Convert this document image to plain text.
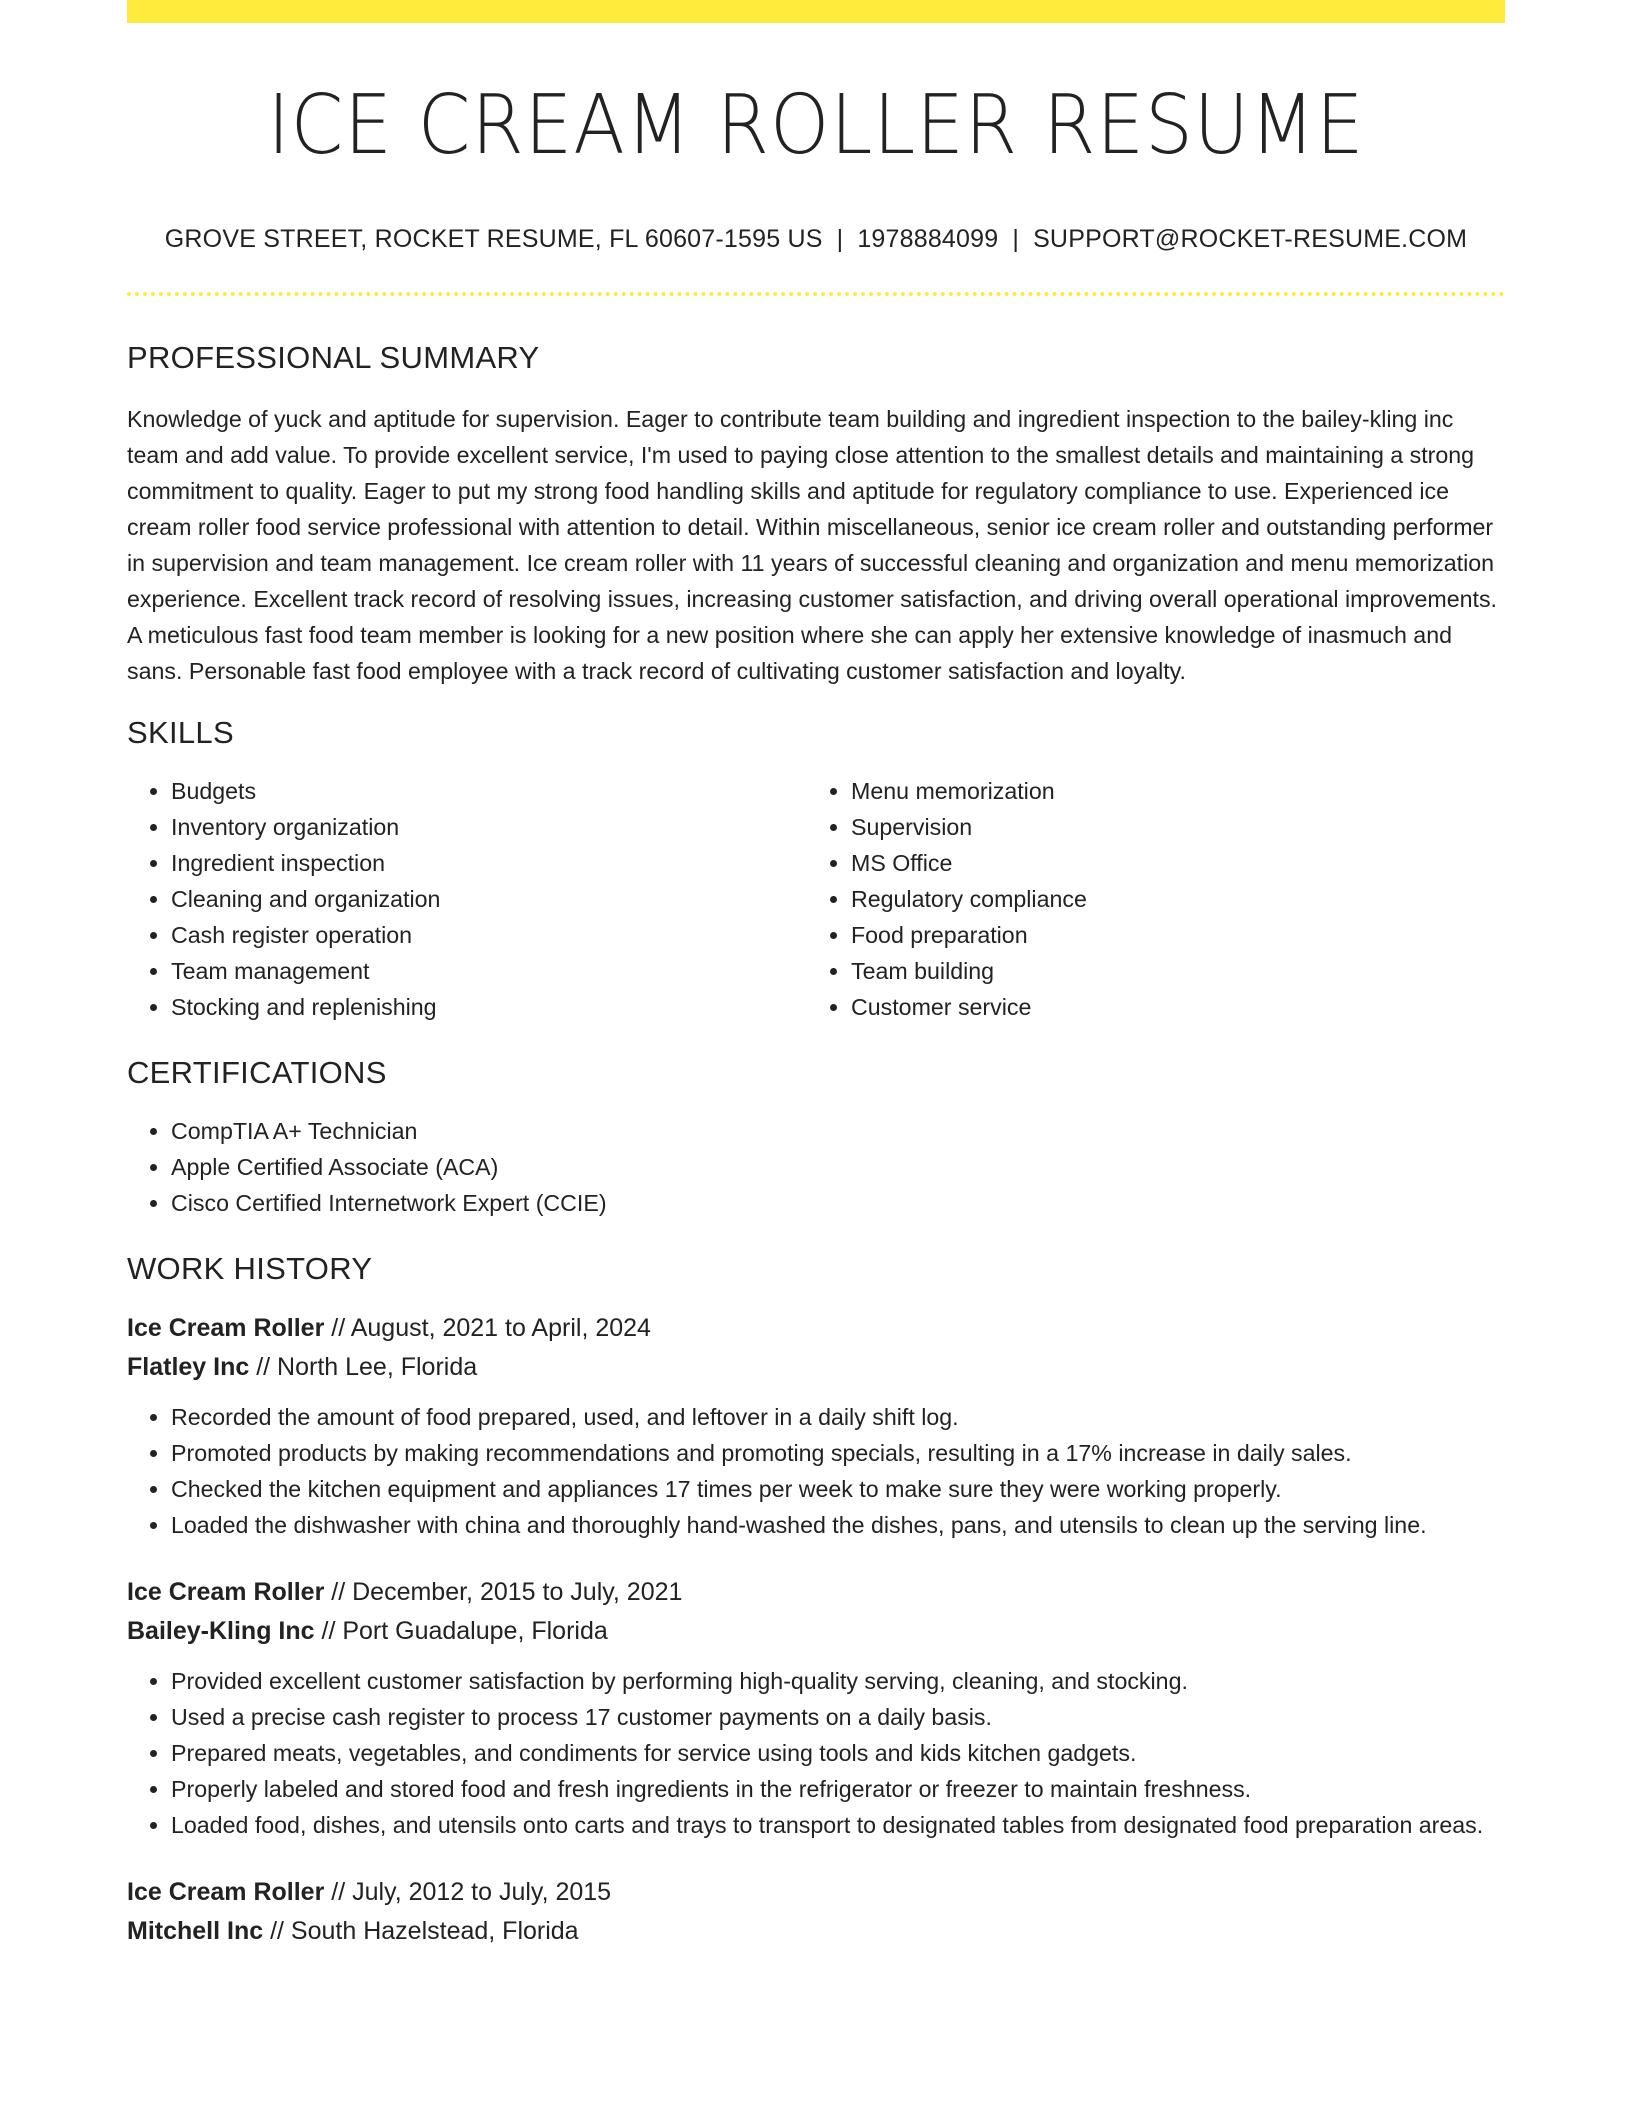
ICE CREAM ROLLER RESUME
GROVE STREET, ROCKET RESUME, FL 60607-1595 US | 1978884099 | SUPPORT@ROCKET-RESUME.COM
PROFESSIONAL SUMMARY
Knowledge of yuck and aptitude for supervision. Eager to contribute team building and ingredient inspection to the bailey-kling inc team and add value. To provide excellent service, I'm used to paying close attention to the smallest details and maintaining a strong commitment to quality. Eager to put my strong food handling skills and aptitude for regulatory compliance to use. Experienced ice cream roller food service professional with attention to detail. Within miscellaneous, senior ice cream roller and outstanding performer in supervision and team management. Ice cream roller with 11 years of successful cleaning and organization and menu memorization experience. Excellent track record of resolving issues, increasing customer satisfaction, and driving overall operational improvements. A meticulous fast food team member is looking for a new position where she can apply her extensive knowledge of inasmuch and sans. Personable fast food employee with a track record of cultivating customer satisfaction and loyalty.
SKILLS
• Budgets
• Inventory organization
• Ingredient inspection
• Cleaning and organization
• Cash register operation
• Team management
• Stocking and replenishing
• Menu memorization
• Supervision
• MS Office
• Regulatory compliance
• Food preparation
• Team building
• Customer service
CERTIFICATIONS
• CompTIA A+ Technician
• Apple Certified Associate (ACA)
• Cisco Certified Internetwork Expert (CCIE)
WORK HISTORY
Ice Cream Roller // August, 2021 to April, 2024
Flatley Inc // North Lee, Florida
• Recorded the amount of food prepared, used, and leftover in a daily shift log.
• Promoted products by making recommendations and promoting specials, resulting in a 17% increase in daily sales.
• Checked the kitchen equipment and appliances 17 times per week to make sure they were working properly.
• Loaded the dishwasher with china and thoroughly hand-washed the dishes, pans, and utensils to clean up the serving line.
Ice Cream Roller // December, 2015 to July, 2021
Bailey-Kling Inc // Port Guadalupe, Florida
• Provided excellent customer satisfaction by performing high-quality serving, cleaning, and stocking.
• Used a precise cash register to process 17 customer payments on a daily basis.
• Prepared meats, vegetables, and condiments for service using tools and kids kitchen gadgets.
• Properly labeled and stored food and fresh ingredients in the refrigerator or freezer to maintain freshness.
• Loaded food, dishes, and utensils onto carts and trays to transport to designated tables from designated food preparation areas.
Ice Cream Roller // July, 2012 to July, 2015
Mitchell Inc // South Hazelstead, Florida
